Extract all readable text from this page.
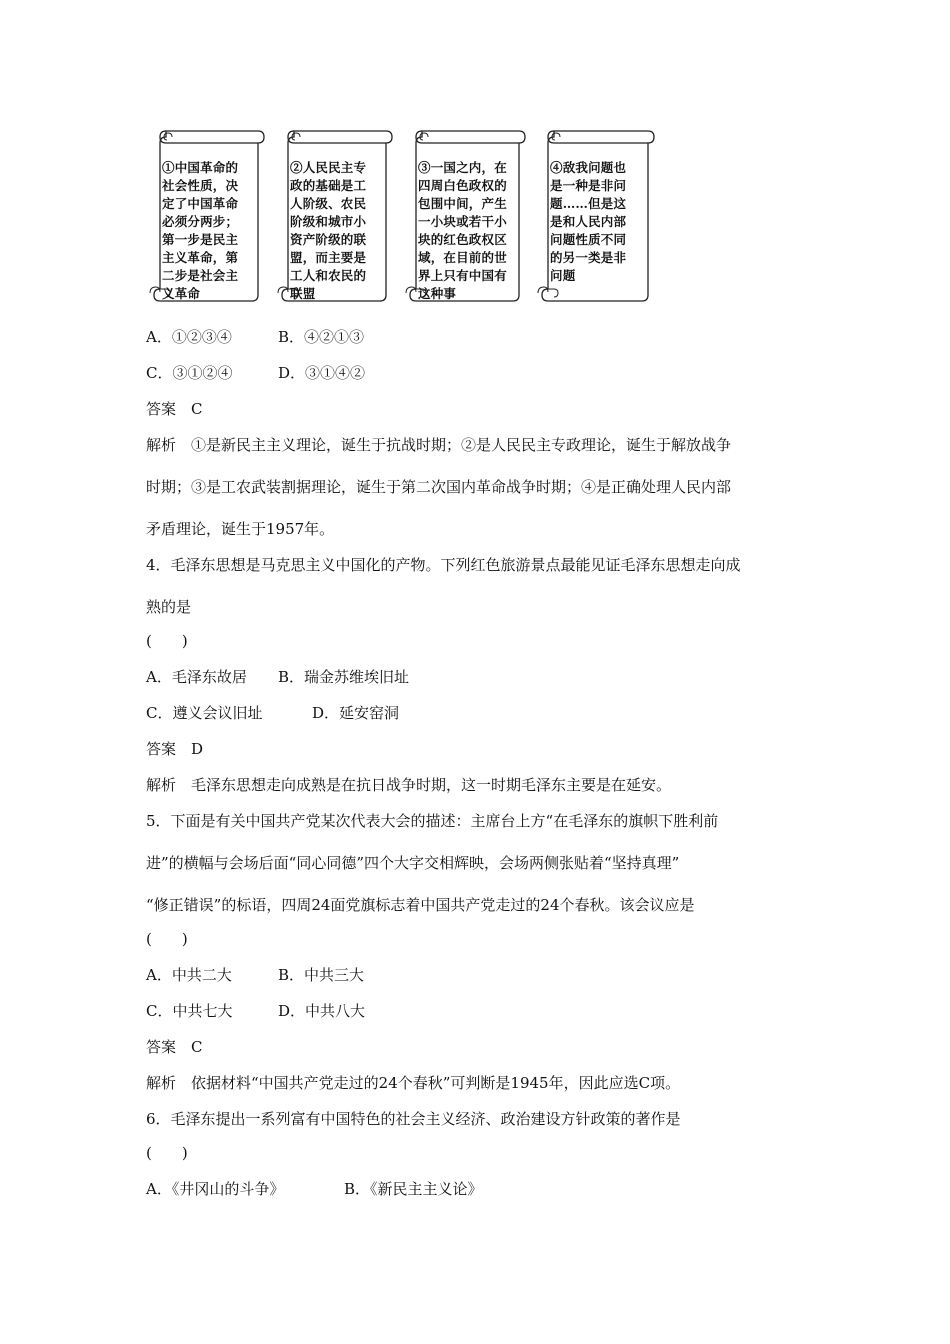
①中国革命的
社会性质，决
定了中国革命
必须分两步；
第一步是民主
主义革命，第
二步是社会主
义革命
②人民民主专
政的基础是工
人阶级、农民
阶级和城市小
资产阶级的联
盟，而主要是
工人和农民的
联盟
③一国之内，在
四周白色政权的
包围中间，产生
一小块或若干小
块的红色政权区
域，在目前的世
界上只有中国有
这种事
④敌我问题也
是一种是非问
题……但是这
是和人民内部
问题性质不同
的另一类是非
问题
A．①②③④	B．④②①③
C．③①②④	D．③①④②
答案　C
解析　①是新民主主义理论，诞生于抗战时期；②是人民民主专政理论，诞生于解放战争
时期；③是工农武装割据理论，诞生于第二次国内革命战争时期；④是正确处理人民内部
矛盾理论，诞生于1957年。
4．毛泽东思想是马克思主义中国化的产物。下列红色旅游景点最能见证毛泽东思想走向成
熟的是
(　　)
A．毛泽东故居 B．瑞金苏维埃旧址
C．遵义会议旧址	D．延安窑洞
答案　D
解析　毛泽东思想走向成熟是在抗日战争时期，这一时期毛泽东主要是在延安。
5．下面是有关中国共产党某次代表大会的描述：主席台上方“在毛泽东的旗帜下胜利前
进”的横幅与会场后面“同心同德”四个大字交相辉映，会场两侧张贴着“坚持真理”
“修正错误”的标语，四周24面党旗标志着中国共产党走过的24个春秋。该会议应是
(　　)
A．中共二大	B．中共三大
C．中共七大	D．中共八大
答案　C
解析　依据材料“中国共产党走过的24个春秋”可判断是1945年，因此应选C项。
6．毛泽东提出一系列富有中国特色的社会主义经济、政治建设方针政策的著作是
(　　)
A．《井冈山的斗争》	B．《新民主主义论》
